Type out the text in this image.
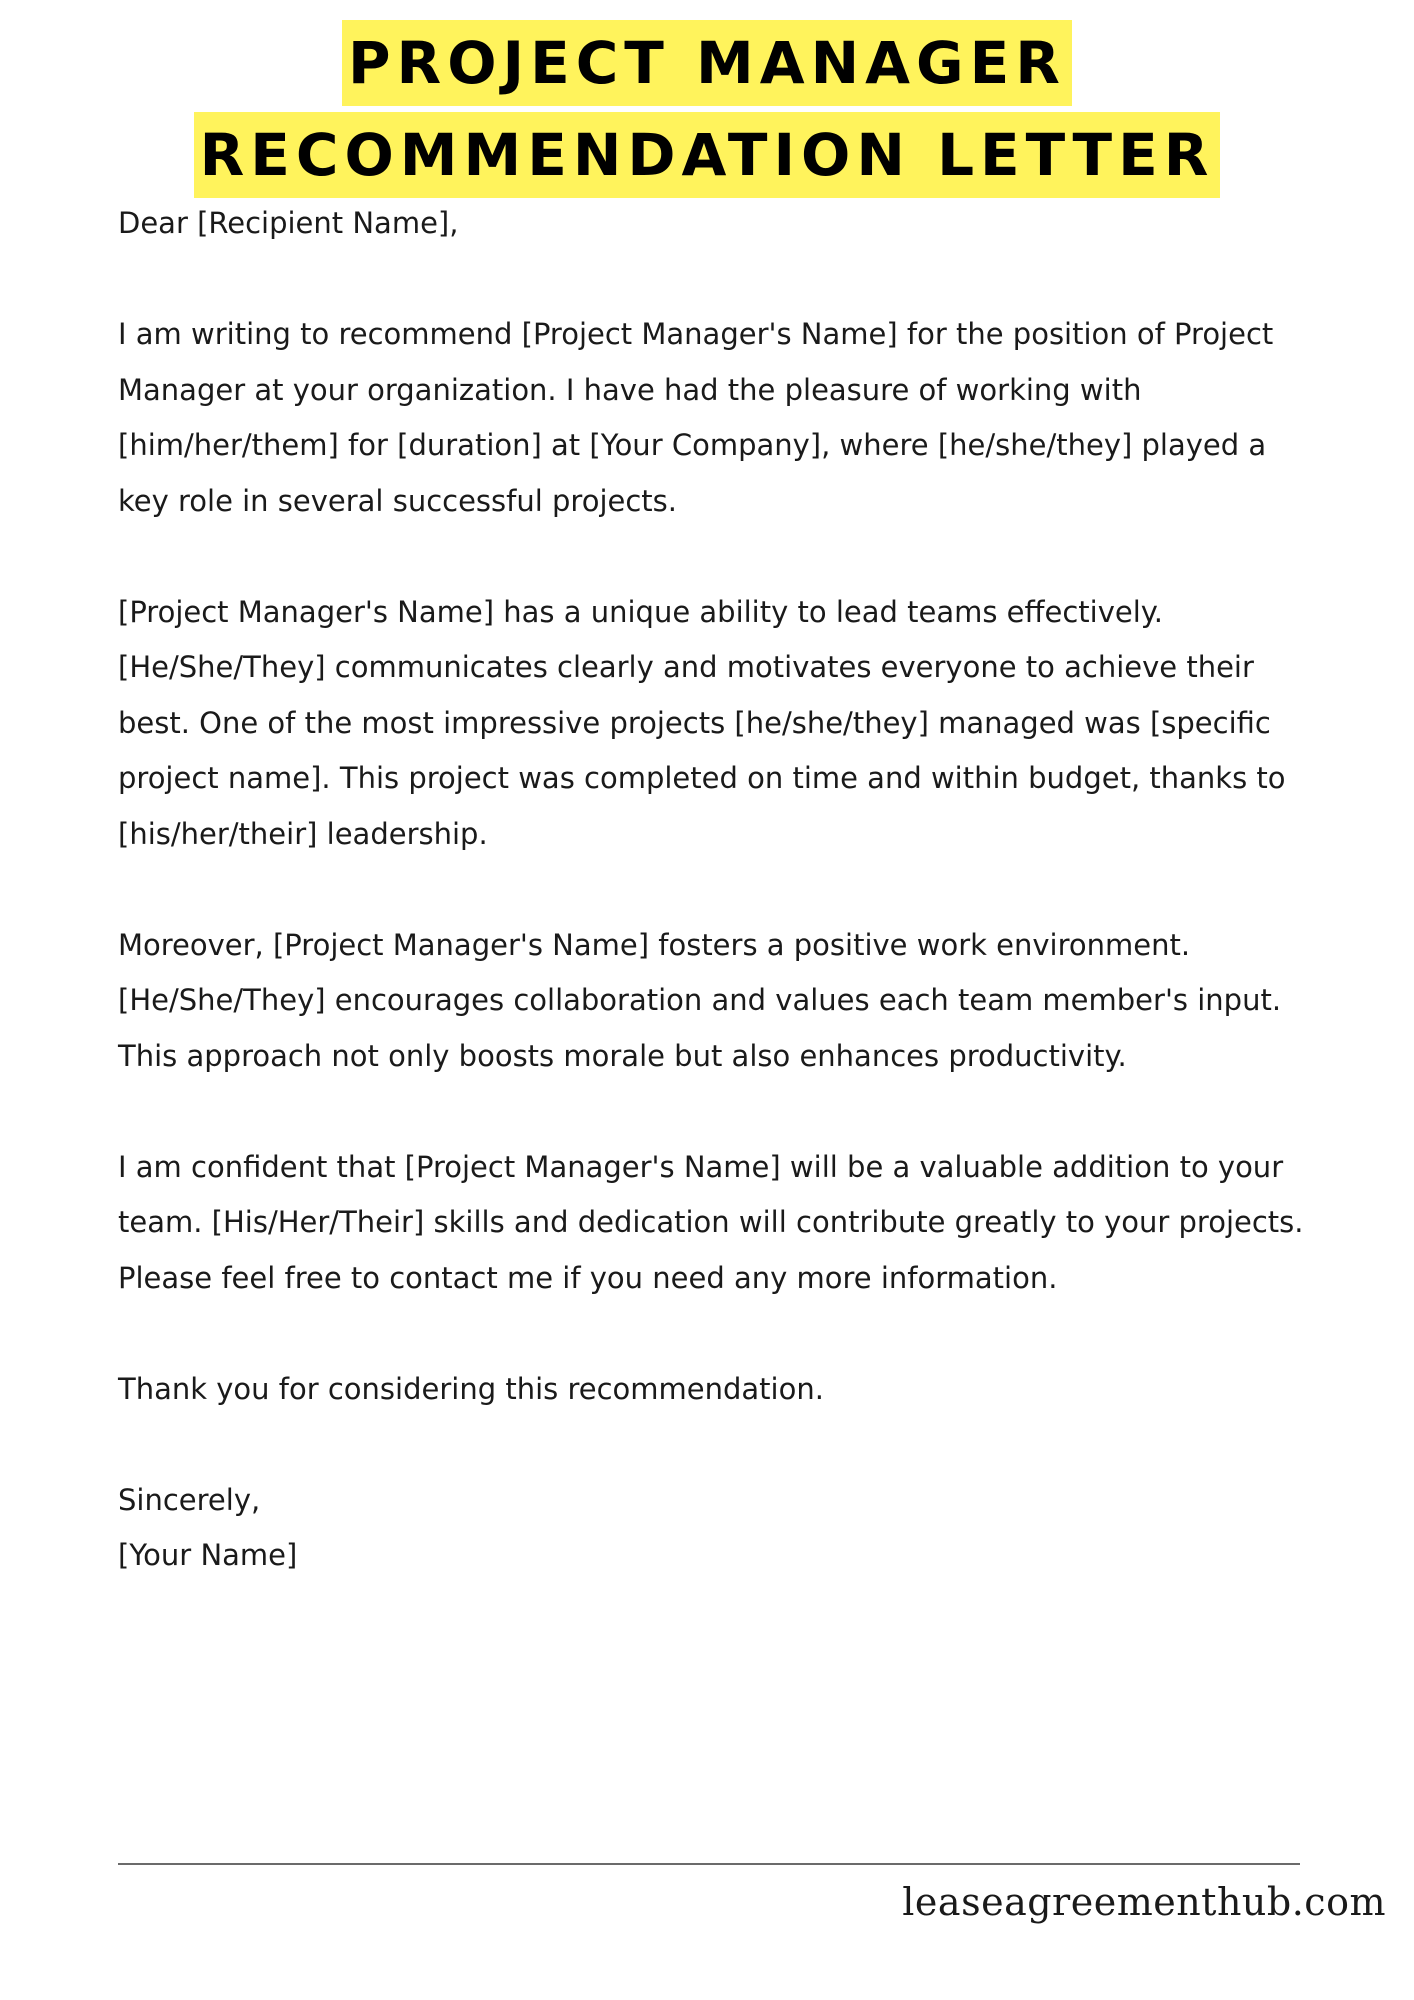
PROJECT MANAGER
RECOMMENDATION LETTER

Dear [Recipient Name],

I am writing to recommend [Project Manager's Name] for the position of Project Manager at your organization. I have had the pleasure of working with [him/her/them] for [duration] at [Your Company], where [he/she/they] played a key role in several successful projects.

[Project Manager's Name] has a unique ability to lead teams effectively. [He/She/They] communicates clearly and motivates everyone to achieve their best. One of the most impressive projects [he/she/they] managed was [specific project name]. This project was completed on time and within budget, thanks to [his/her/their] leadership.

Moreover, [Project Manager's Name] fosters a positive work environment. [He/She/They] encourages collaboration and values each team member's input. This approach not only boosts morale but also enhances productivity.

I am confident that [Project Manager's Name] will be a valuable addition to your team. [His/Her/Their] skills and dedication will contribute greatly to your projects. Please feel free to contact me if you need any more information.

Thank you for considering this recommendation.

Sincerely,

[Your Name]

leaseagreementhub.com
